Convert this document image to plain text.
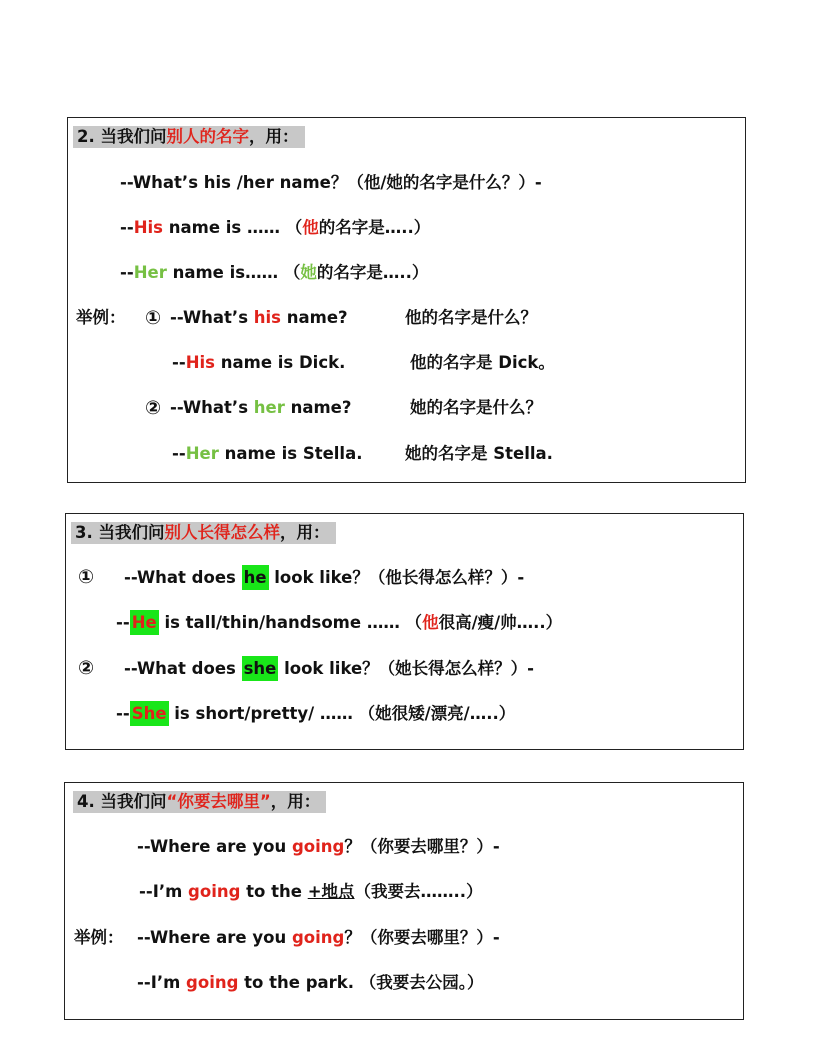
2. 当我们问别人的名字，用：
--What’s his /her name？（他/她的名字是什么？）-
--His name is …… （他的名字是…..）
--Her name is…… （她的名字是…..）
举例： ① --What’s his name?	他的名字是什么？
--His name is Dick.	他的名字是 Dick。
② --What’s her name?	她的名字是什么？
--Her name is Stella.	她的名字是 Stella.
3. 当我们问别人长得怎么样，用：
① --What does he look like？（他长得怎么样？）-
-- He is tall/thin/handsome …… （他很高/瘦/帅…..）
② --What does she look like？（她长得怎么样？）-
-- She is short/pretty/ …… （她很矮/漂亮/…..）
4. 当我们问“你要去哪里”，用：
--Where are you going？（你要去哪里？）-
--I’m going to the +地点（我要去……..）
举例： --Where are you going？（你要去哪里？）-
--I’m going to the park. （我要去公园。）
